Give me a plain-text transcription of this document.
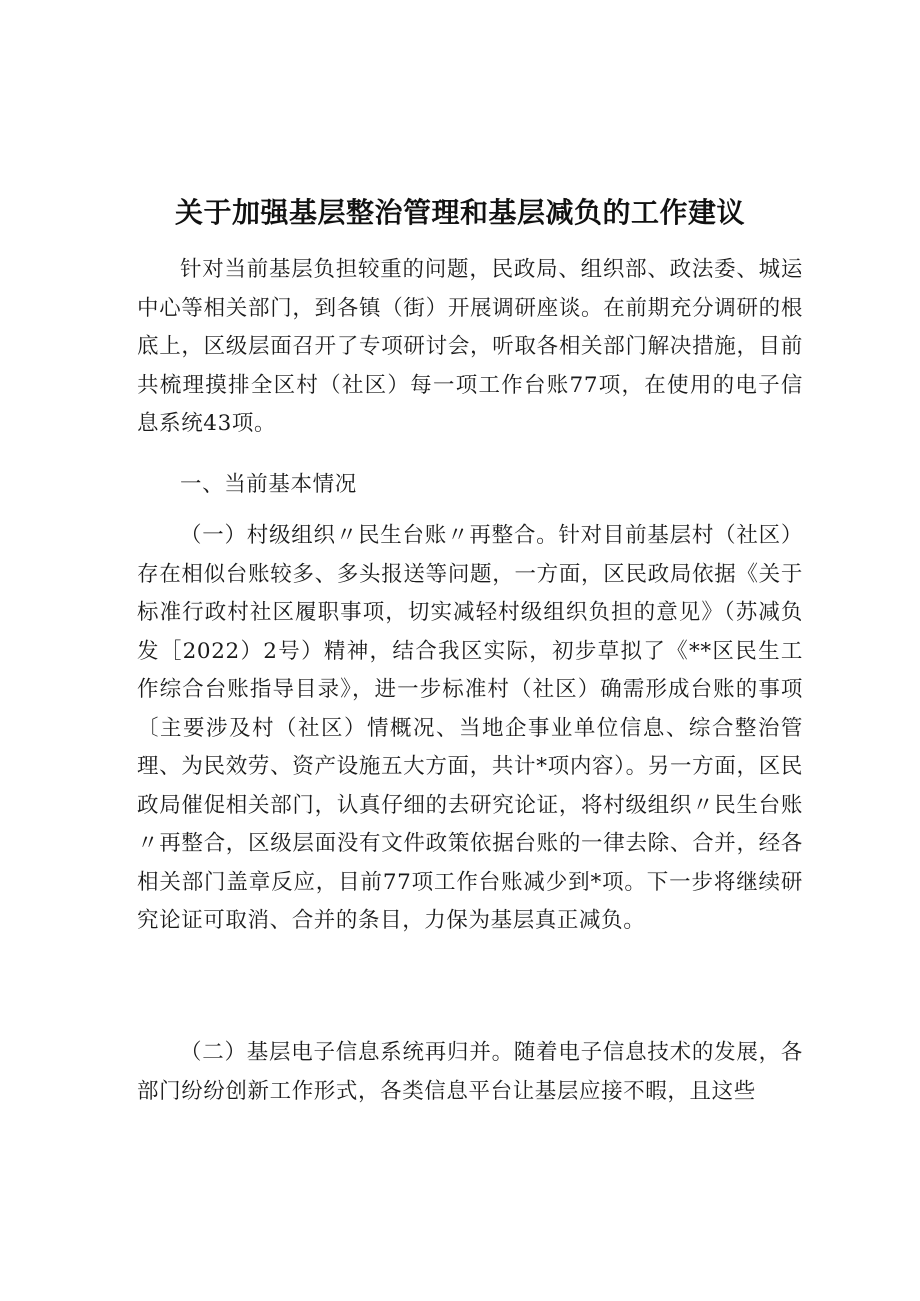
关于加强基层整治管理和基层减负的工作建议

针对当前基层负担较重的问题，民政局、组织部、政法委、城运中心等相关部门，到各镇（街）开展调研座谈。在前期充分调研的根底上，区级层面召开了专项研讨会，听取各相关部门解决措施，目前共梳理摸排全区村（社区）每一项工作台账77项，在使用的电子信息系统43项。

一、当前基本情况

（一）村级组织〃民生台账〃再整合。针对目前基层村（社区）存在相似台账较多、多头报送等问题，一方面，区民政局依据《关于标准行政村社区履职事项，切实减轻村级组织负担的意见》（苏减负发［2022）2号）精神，结合我区实际，初步草拟了《**区民生工作综合台账指导目录》，进一步标准村（社区）确需形成台账的事项〔主要涉及村（社区）情概况、当地企事业单位信息、综合整治管理、为民效劳、资产设施五大方面，共计*项内容）。另一方面，区民政局催促相关部门，认真仔细的去研究论证，将村级组织〃民生台账〃再整合，区级层面没有文件政策依据台账的一律去除、合并，经各相关部门盖章反应，目前77项工作台账减少到*项。下一步将继续研究论证可取消、合并的条目，力保为基层真正减负。

（二）基层电子信息系统再归并。随着电子信息技术的发展，各部门纷纷创新工作形式，各类信息平台让基层应接不暇，且这些
